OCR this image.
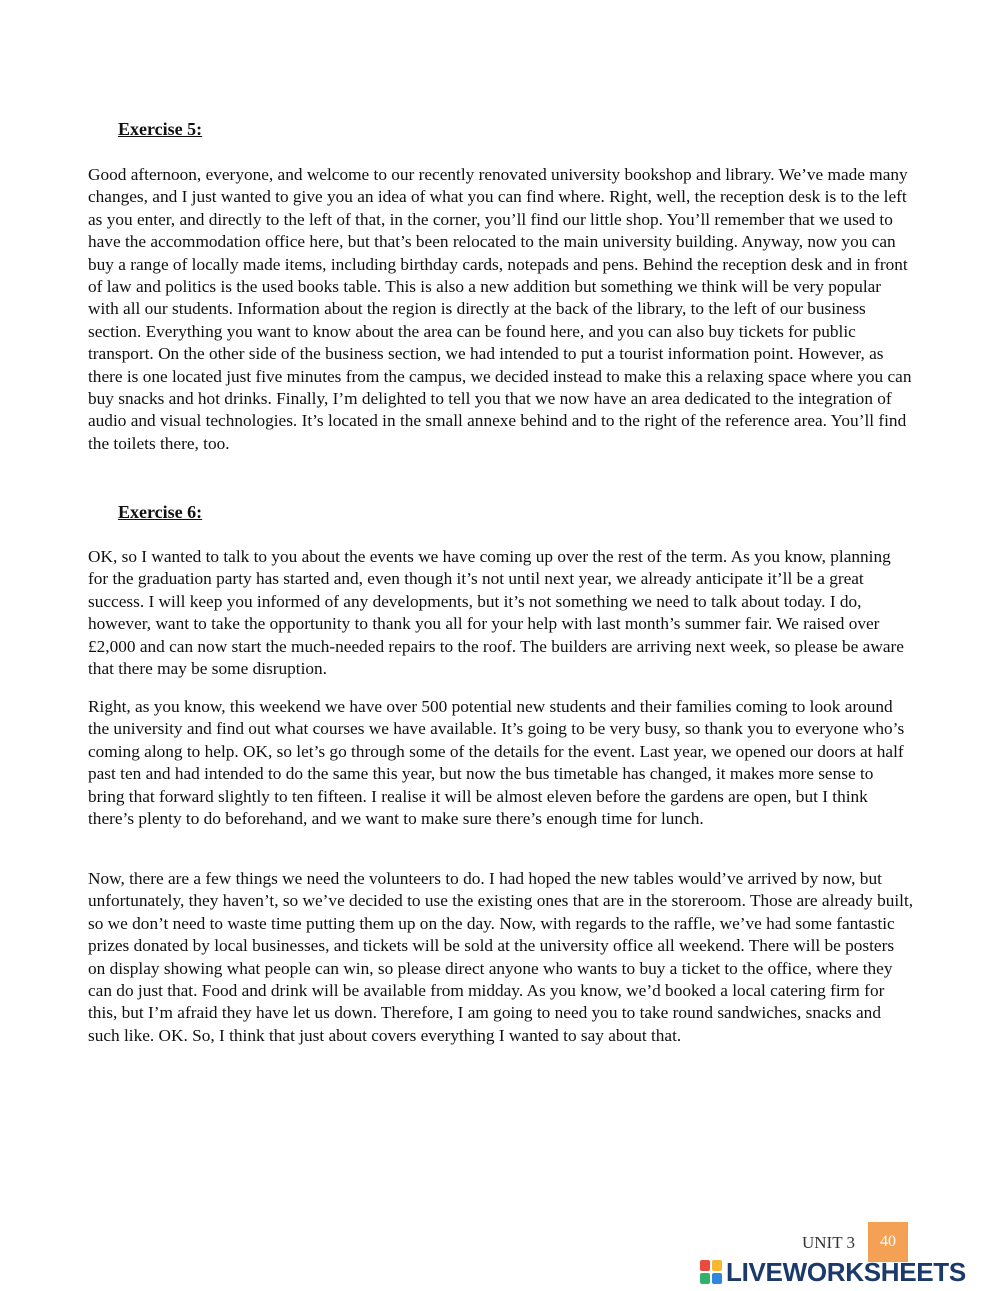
Exercise 5:

Good afternoon, everyone, and welcome to our recently renovated university bookshop and library. We’ve made many changes, and I just wanted to give you an idea of what you can find where. Right, well, the reception desk is to the left as you enter, and directly to the left of that, in the corner, you’ll find our little shop. You’ll remember that we used to have the accommodation office here, but that’s been relocated to the main university building. Anyway, now you can buy a range of locally made items, including birthday cards, notepads and pens. Behind the reception desk and in front of law and politics is the used books table. This is also a new addition but something we think will be very popular with all our students. Information about the region is directly at the back of the library, to the left of our business section. Everything you want to know about the area can be found here, and you can also buy tickets for public transport. On the other side of the business section, we had intended to put a tourist information point. However, as there is one located just five minutes from the campus, we decided instead to make this a relaxing space where you can buy snacks and hot drinks. Finally, I’m delighted to tell you that we now have an area dedicated to the integration of audio and visual technologies. It’s located in the small annexe behind and to the right of the reference area. You’ll find the toilets there, too.

Exercise 6:

OK, so I wanted to talk to you about the events we have coming up over the rest of the term. As you know, planning for the graduation party has started and, even though it’s not until next year, we already anticipate it’ll be a great success. I will keep you informed of any developments, but it’s not something we need to talk about today. I do, however, want to take the opportunity to thank you all for your help with last month’s summer fair. We raised over £2,000 and can now start the much-needed repairs to the roof. The builders are arriving next week, so please be aware that there may be some disruption.

Right, as you know, this weekend we have over 500 potential new students and their families coming to look around the university and find out what courses we have available. It’s going to be very busy, so thank you to everyone who’s coming along to help. OK, so let’s go through some of the details for the event. Last year, we opened our doors at half past ten and had intended to do the same this year, but now the bus timetable has changed, it makes more sense to bring that forward slightly to ten fifteen. I realise it will be almost eleven before the gardens are open, but I think there’s plenty to do beforehand, and we want to make sure there’s enough time for lunch.

Now, there are a few things we need the volunteers to do. I had hoped the new tables would’ve arrived by now, but unfortunately, they haven’t, so we’ve decided to use the existing ones that are in the storeroom. Those are already built, so we don’t need to waste time putting them up on the day. Now, with regards to the raffle, we’ve had some fantastic prizes donated by local businesses, and tickets will be sold at the university office all weekend. There will be posters on display showing what people can win, so please direct anyone who wants to buy a ticket to the office, where they can do just that. Food and drink will be available from midday. As you know, we’d booked a local catering firm for this, but I’m afraid they have let us down. Therefore, I am going to need you to take round sandwiches, snacks and such like. OK. So, I think that just about covers everything I wanted to say about that.

UNIT 3	40
LIVEWORKSHEETS
